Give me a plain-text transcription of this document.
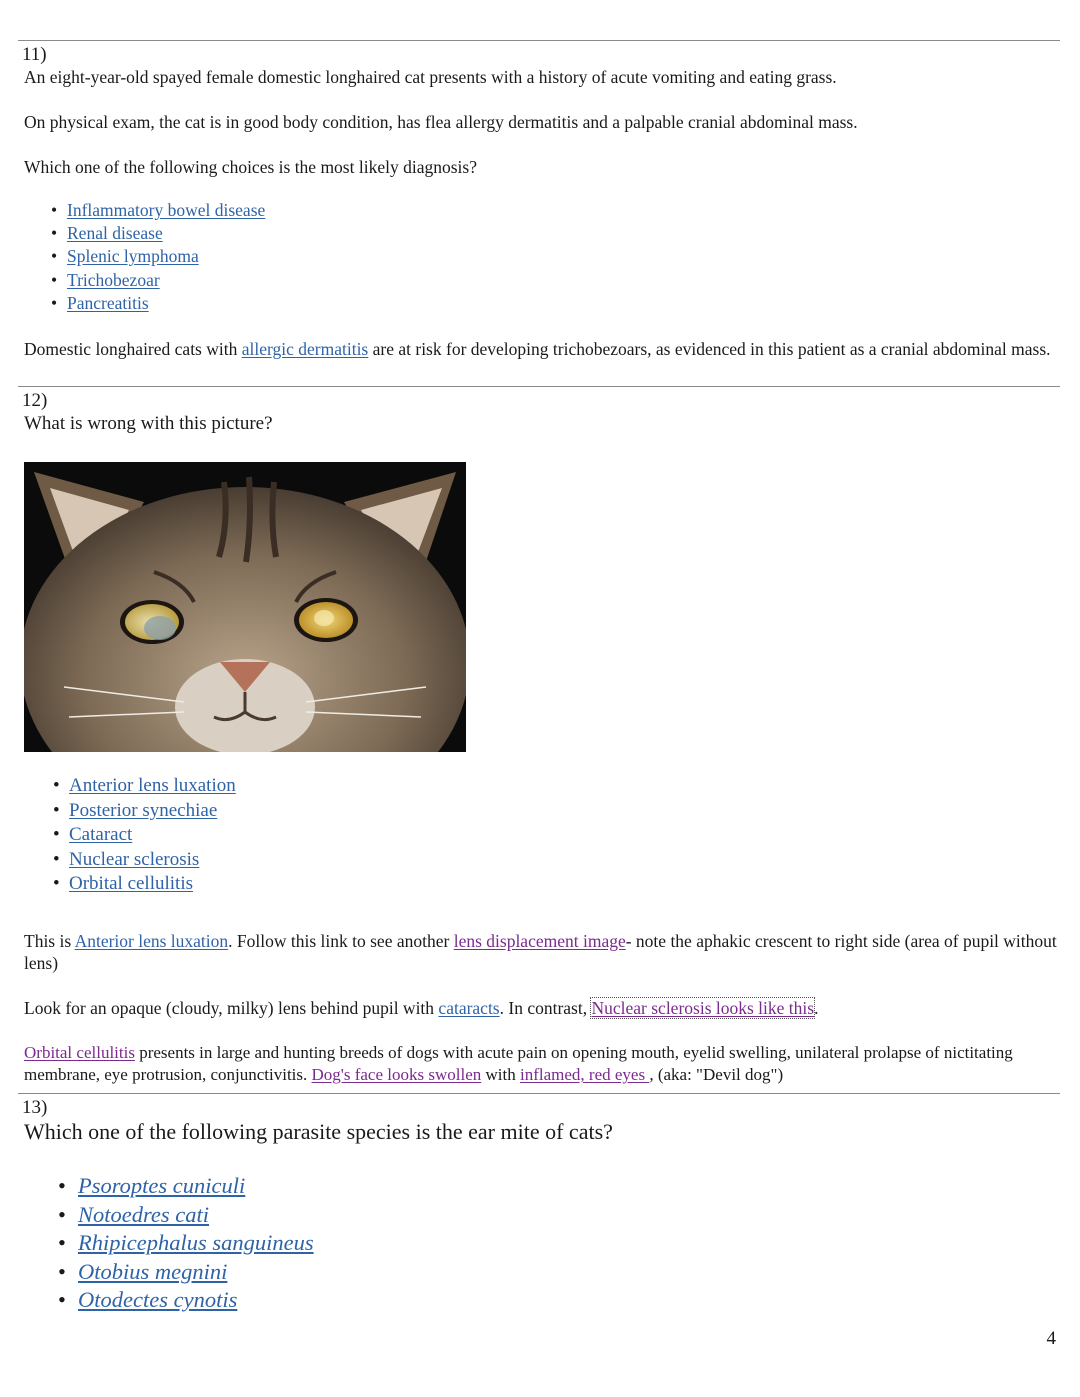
11)
An eight-year-old spayed female domestic longhaired cat presents with a history of acute vomiting and eating grass.
On physical exam, the cat is in good body condition, has flea allergy dermatitis and a palpable cranial abdominal mass.
Which one of the following choices is the most likely diagnosis?
• Inflammatory bowel disease
• Renal disease
• Splenic lymphoma
• Trichobezoar
• Pancreatitis
Domestic longhaired cats with allergic dermatitis are at risk for developing trichobezoars, as evidenced in this patient as a cranial abdominal mass.
12)
What is wrong with this picture?
• Anterior lens luxation
• Posterior synechiae
• Cataract
• Nuclear sclerosis
• Orbital cellulitis
This is Anterior lens luxation. Follow this link to see another lens displacement image- note the aphakic crescent to right side (area of pupil without lens)
Look for an opaque (cloudy, milky) lens behind pupil with cataracts. In contrast, Nuclear sclerosis looks like this.
Orbital cellulitis presents in large and hunting breeds of dogs with acute pain on opening mouth, eyelid swelling, unilateral prolapse of nictitating membrane, eye protrusion, conjunctivitis. Dog's face looks swollen with inflamed, red eyes , (aka: "Devil dog")
13)
Which one of the following parasite species is the ear mite of cats?
• Psoroptes cuniculi
• Notoedres cati
• Rhipicephalus sanguineus
• Otobius megnini
• Otodectes cynotis
4
